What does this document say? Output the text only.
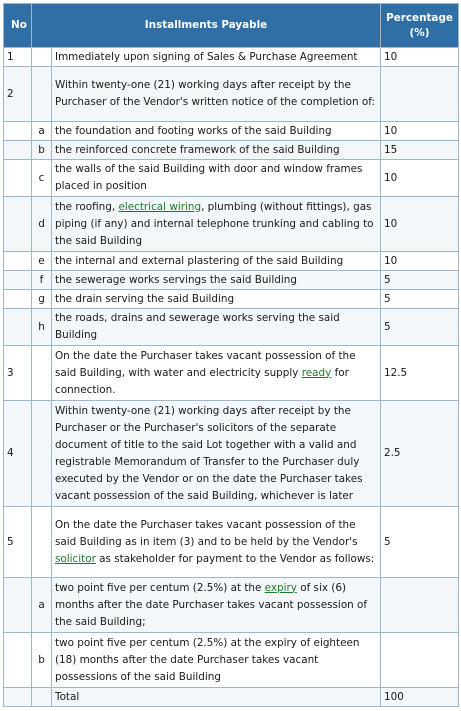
No	Installments Payable		Percentage
(%)
1		Immediately upon signing of Sales & Purchase Agreement	10
2		Within twenty-one (21) working days after receipt by the Purchaser of the Vendor's written notice of the completion of:	
	a	the foundation and footing works of the said Building	10
	b	the reinforced concrete framework of the said Building	15
	c	the walls of the said Building with door and window frames placed in position	10
	d	the roofing, electrical wiring, plumbing (without fittings), gas piping (if any) and internal telephone trunking and cabling to the said Building	10
	e	the internal and external plastering of the said Building	10
	f	the sewerage works servings the said Building	5
	g	the drain serving the said Building	5
	h	the roads, drains and sewerage works serving the said Building	5
3		On the date the Purchaser takes vacant possession of the said Building, with water and electricity supply ready for connection.	12.5
4		Within twenty-one (21) working days after receipt by the Purchaser or the Purchaser's solicitors of the separate document of title to the said Lot together with a valid and registrable Memorandum of Transfer to the Purchaser duly executed by the Vendor or on the date the Purchaser takes vacant possession of the said Building, whichever is later	2.5
5		On the date the Purchaser takes vacant possession of the said Building as in item (3) and to be held by the Vendor's solicitor as stakeholder for payment to the Vendor as follows:	5
	a	two point five per centum (2.5%) at the expiry of six (6) months after the date Purchaser takes vacant possession of the said Building;	
	b	two point five per centum (2.5%) at the expiry of eighteen (18) months after the date Purchaser takes vacant possessions of the said Building	
		Total	100
